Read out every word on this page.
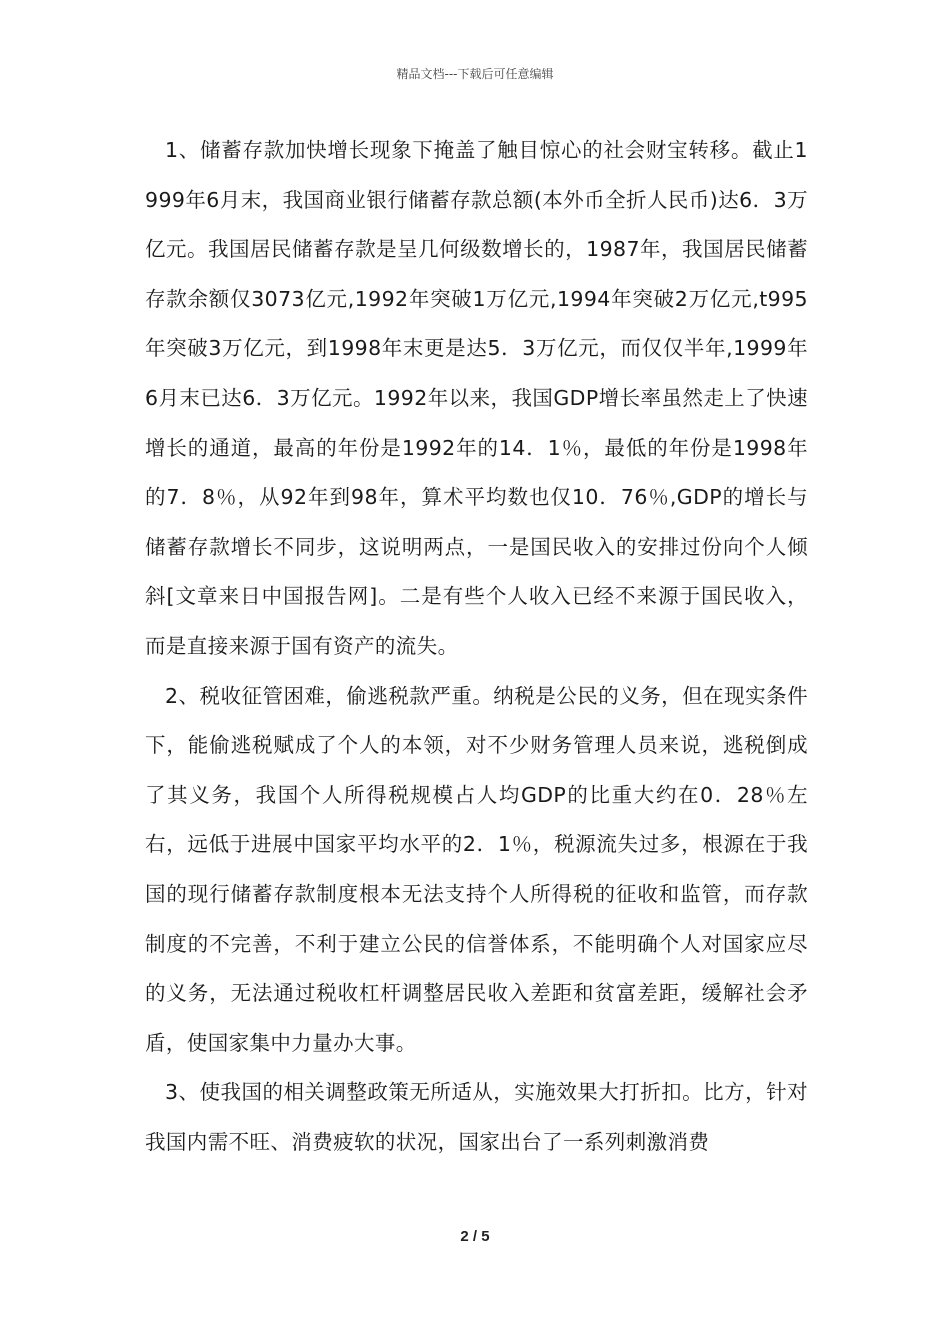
精品文档---下载后可任意编辑

1、储蓄存款加快增长现象下掩盖了触目惊心的社会财宝转移。截止1999年6月末，我国商业银行储蓄存款总额(本外币全折人民币)达6．3万亿元。我国居民储蓄存款是呈几何级数增长的，1987年，我国居民储蓄存款余额仅3073亿元,1992年突破1万亿元,1994年突破2万亿元,t995年突破3万亿元，到1998年末更是达5．3万亿元，而仅仅半年,1999年6月末已达6．3万亿元。1992年以来，我国GDP增长率虽然走上了快速增长的通道，最高的年份是1992年的14．1％，最低的年份是1998年的7．8％，从92年到98年，算术平均数也仅10．76％,GDP的增长与储蓄存款增长不同步，这说明两点，一是国民收入的安排过份向个人倾斜[文章来日中国报告网]。二是有些个人收入已经不来源于国民收入，而是直接来源于国有资产的流失。

2、税收征管困难，偷逃税款严重。纳税是公民的义务，但在现实条件下，能偷逃税赋成了个人的本领，对不少财务管理人员来说，逃税倒成了其义务，我国个人所得税规模占人均GDP的比重大约在0．28％左右，远低于进展中国家平均水平的2．1％，税源流失过多，根源在于我国的现行储蓄存款制度根本无法支持个人所得税的征收和监管，而存款制度的不完善，不利于建立公民的信誉体系，不能明确个人对国家应尽的义务，无法通过税收杠杆调整居民收入差距和贫富差距，缓解社会矛盾，使国家集中力量办大事。

3、使我国的相关调整政策无所适从，实施效果大打折扣。比方，针对我国内需不旺、消费疲软的状况，国家出台了一系列刺激消费

2 / 5
